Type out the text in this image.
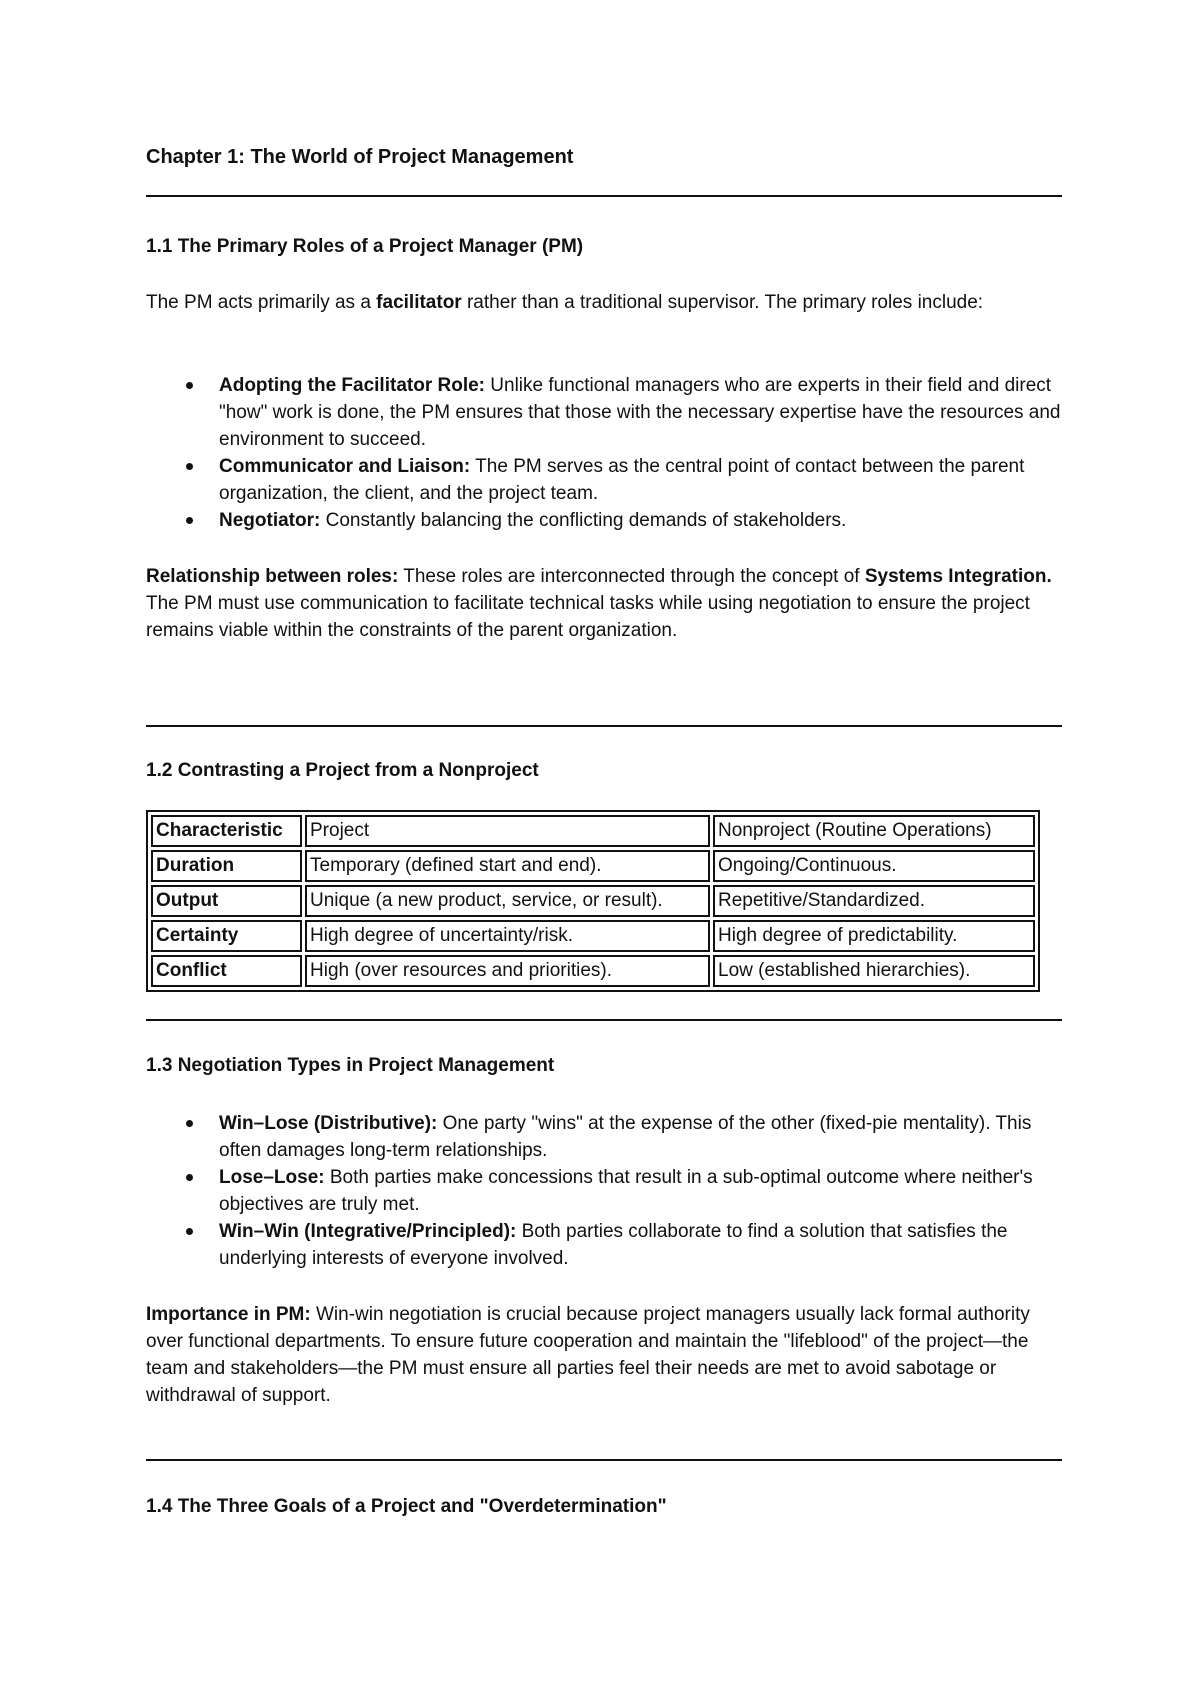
Chapter 1: The World of Project Management
1.1 The Primary Roles of a Project Manager (PM)

The PM acts primarily as a facilitator rather than a traditional supervisor. The primary roles include:

Adopting the Facilitator Role: Unlike functional managers who are experts in their field and direct "how" work is done, the PM ensures that those with the necessary expertise have the resources and environment to succeed.
Communicator and Liaison: The PM serves as the central point of contact between the parent organization, the client, and the project team.
Negotiator: Constantly balancing the conflicting demands of stakeholders.

Relationship between roles: These roles are interconnected through the concept of Systems Integration. The PM must use communication to facilitate technical tasks while using negotiation to ensure the project remains viable within the constraints of the parent organization.

1.2 Contrasting a Project from a Nonproject
Characteristic	Project	Nonproject (Routine Operations)
Duration	Temporary (defined start and end).	Ongoing/Continuous.
Output	Unique (a new product, service, or result).	Repetitive/Standardized.
Certainty	High degree of uncertainty/risk.	High degree of predictability.
Conflict	High (over resources and priorities).	Low (established hierarchies).
1.3 Negotiation Types in Project Management
Win–Lose (Distributive): One party "wins" at the expense of the other (fixed-pie mentality). This often damages long-term relationships.
Lose–Lose: Both parties make concessions that result in a sub-optimal outcome where neither's objectives are truly met.
Win–Win (Integrative/Principled): Both parties collaborate to find a solution that satisfies the underlying interests of everyone involved.

Importance in PM: Win-win negotiation is crucial because project managers usually lack formal authority over functional departments. To ensure future cooperation and maintain the "lifeblood" of the project—the team and stakeholders—the PM must ensure all parties feel their needs are met to avoid sabotage or withdrawal of support.

1.4 The Three Goals of a Project and "Overdetermination"
